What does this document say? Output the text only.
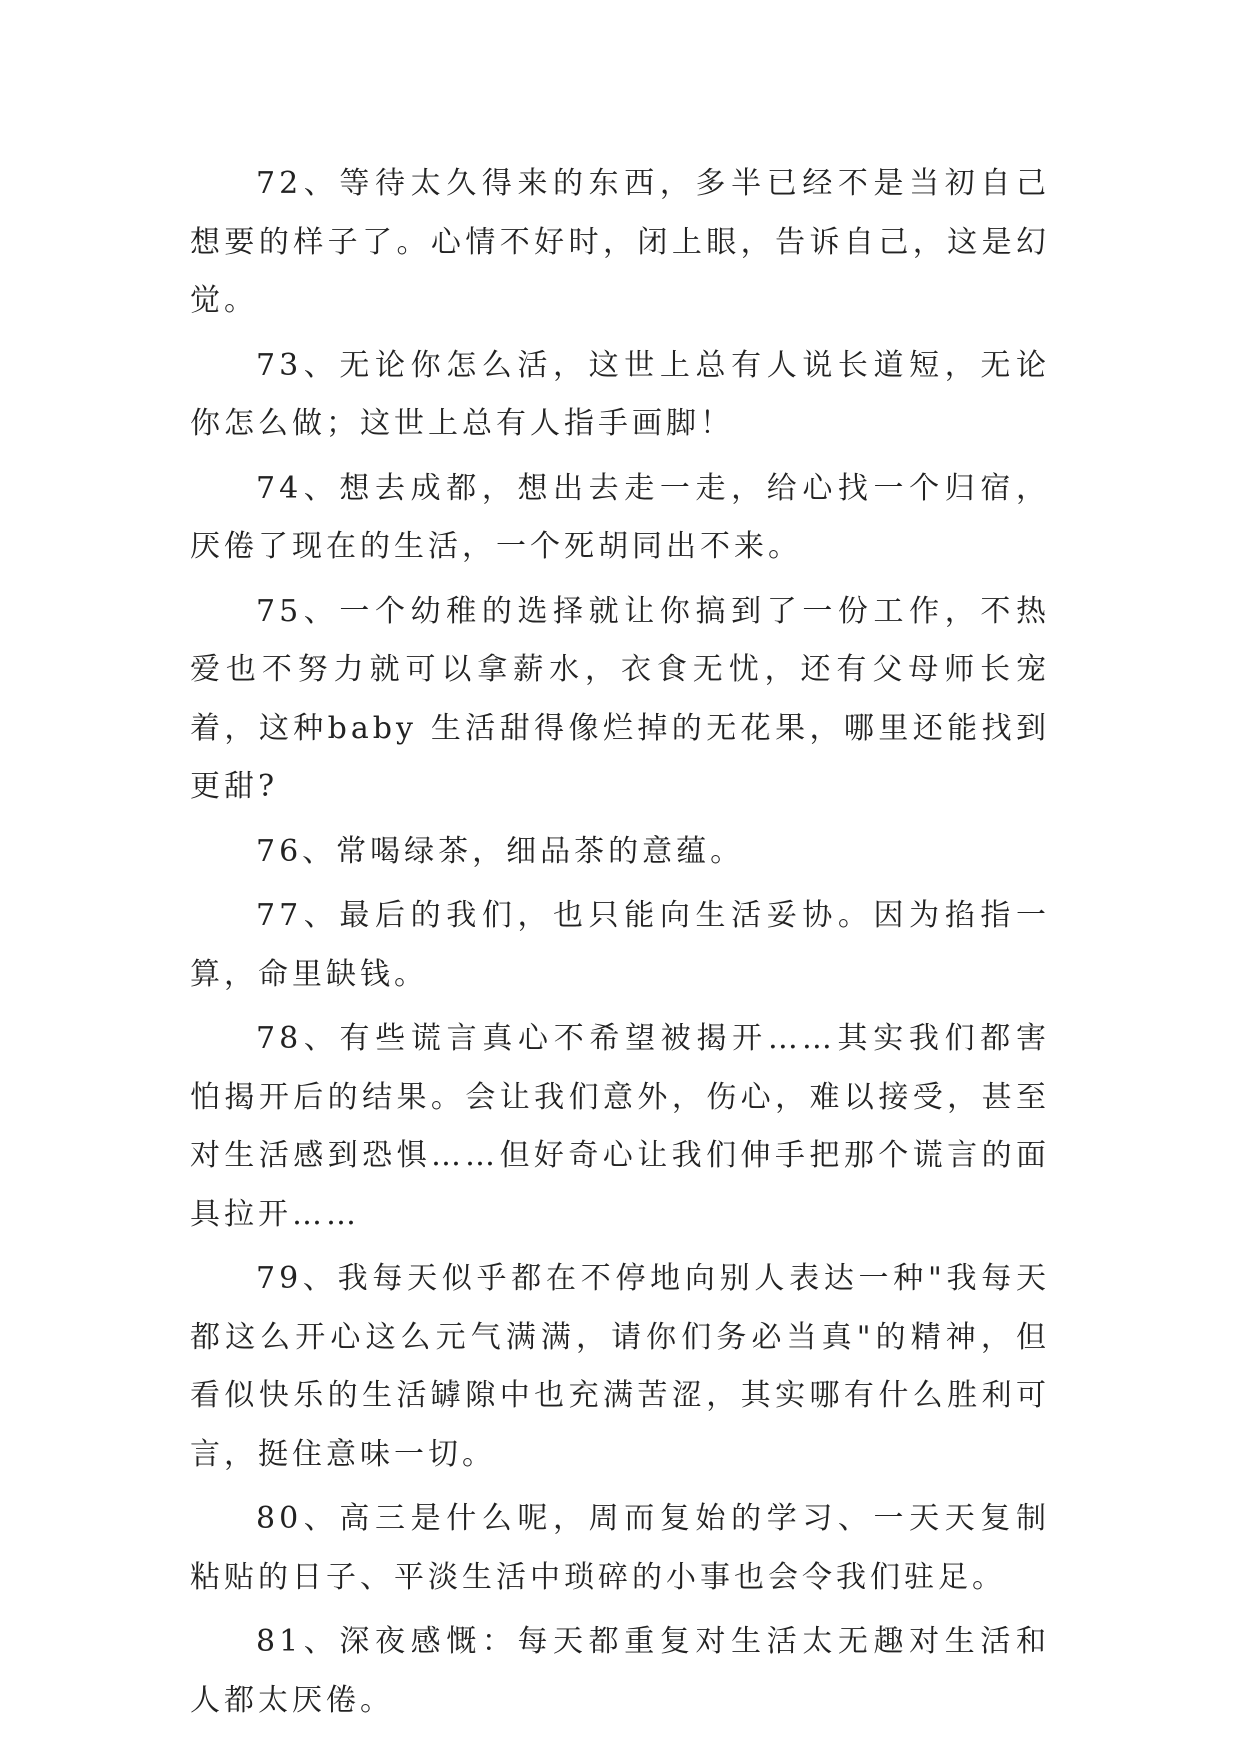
72、等待太久得来的东西，多半已经不是当初自己想要的样子了。心情不好时，闭上眼，告诉自己，这是幻觉。

73、无论你怎么活，这世上总有人说长道短，无论你怎么做；这世上总有人指手画脚！

74、想去成都，想出去走一走，给心找一个归宿，厌倦了现在的生活，一个死胡同出不来。

75、一个幼稚的选择就让你搞到了一份工作，不热爱也不努力就可以拿薪水，衣食无忧，还有父母师长宠着，这种baby 生活甜得像烂掉的无花果，哪里还能找到更甜?

76、常喝绿茶，细品茶的意蕴。

77、最后的我们，也只能向生活妥协。因为掐指一算，命里缺钱。

78、有些谎言真心不希望被揭开……其实我们都害怕揭开后的结果。会让我们意外，伤心，难以接受，甚至对生活感到恐惧……但好奇心让我们伸手把那个谎言的面具拉开……

79、我每天似乎都在不停地向别人表达一种"我每天都这么开心这么元气满满，请你们务必当真"的精神，但看似快乐的生活罅隙中也充满苦涩，其实哪有什么胜利可言，挺住意味一切。

80、高三是什么呢，周而复始的学习、一天天复制粘贴的日子、平淡生活中琐碎的小事也会令我们驻足。

81、深夜感慨：每天都重复对生活太无趣对生活和人都太厌倦。
